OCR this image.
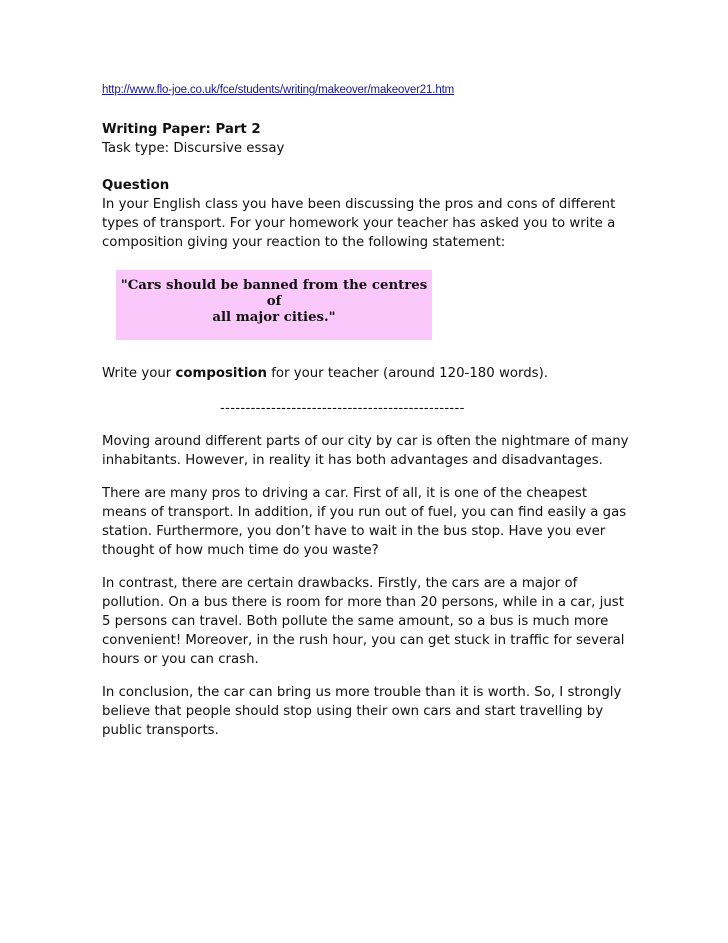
http://www.flo-joe.co.uk/fce/students/writing/makeover/makeover21.htm

Writing Paper: Part 2

Task type: Discursive essay

Question

In your English class you have been discussing the pros and cons of different types of transport. For your homework your teacher has asked you to write a composition giving your reaction to the following statement:

"Cars should be banned from the centres of
all major cities."

Write your composition for your teacher (around 120-180 words).

------------------------------------------------

Moving around different parts of our city by car is often the nightmare of many inhabitants. However, in reality it has both advantages and disadvantages.

There are many pros to driving a car. First of all, it is one of the cheapest means of transport. In addition, if you run out of fuel, you can find easily a gas station. Furthermore, you don’t have to wait in the bus stop. Have you ever thought of how much time do you waste?

In contrast, there are certain drawbacks. Firstly, the cars are a major of pollution. On a bus there is room for more than 20 persons, while in a car, just 5 persons can travel. Both pollute the same amount, so a bus is much more convenient! Moreover, in the rush hour, you can get stuck in traffic for several hours or you can crash.

In conclusion, the car can bring us more trouble than it is worth. So, I strongly believe that people should stop using their own cars and start travelling by public transports.
